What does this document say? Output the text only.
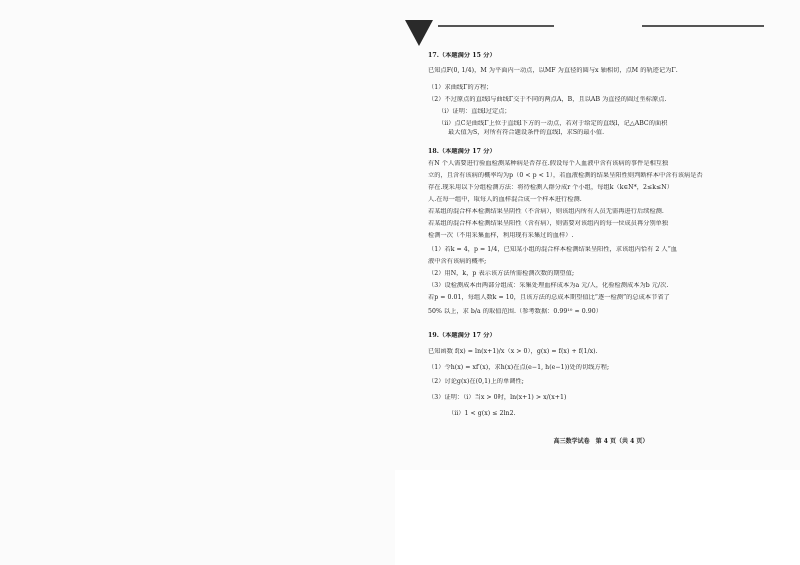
17.（本题满分 15 分）
已知点F(0, 1/4)，M 为平面内一动点，以MF 为直径的圆与x 轴相切，点M 的轨迹记为Γ.
（1）求曲线Γ的方程；
（2）不过原点的直线l与曲线Γ交于不同的两点A，B，且以AB 为直径的圆过坐标原点.
（i）证明：直线l过定点；
（ii）点C是曲线Γ上位于直线l下方的一动点，若对于给定的直线l，记△ABC的面积
最大值为S，对所有符合题设条件的直线l，求S的最小值.
18.（本题满分 17 分）
有N 个人需要进行验血检测某种病是否存在.假设每个人血液中含有该病的事件是相互独
立的，且含有该病的概率均为p（0 < p < 1），若血液检测的结果呈阳性则判断样本中含有该病是否
存在.现采用以下分组检测方法：将待检测人群分成r 个小组，每组k（k∈N*，2≤k≤N）
人.在每一组中，取每人的血样混合成一个样本进行检测.
若某组的混合样本检测结果呈阴性（不含病），则该组内所有人员无需再进行后续检测.
若某组的混合样本检测结果呈阳性（含有病），则需要对该组内的每一位成员再分别单独
检测一次（不用采集血样，利用现有采集过的血样）.
（1）若k = 4，p = 1/4，已知某小组的混合样本检测结果呈阳性，求该组内恰有 2 人“血
液中含有该病的概率;
（2）用N，k，p 表示该方法所需检测次数的期望值;
（3）设检测成本由两部分组成：采集处理血样成本为a 元/人，化验检测成本为b 元/次.
若p = 0.01，每组人数k = 10，且该方法的总成本期望值比“逐一检测”的总成本节省了
50% 以上，求 b/a 的取值范围.（参考数据：0.99¹⁰ ≈ 0.90）
19.（本题满分 17 分）
已知函数 f(x) = ln(x+1)/x（x > 0），g(x) = f(x) + f(1/x).
（1）令h(x) = xf′(x)，求h(x)在点(e−1, h(e−1))处的切线方程;
（2）讨论g(x)在(0,1)上的单调性;
（3）证明：（i）当x > 0时，ln(x+1) > x/(x+1)
（ii）1 < g(x) ≤ 2ln2.
高三数学试卷　第 4 页（共 4 页）
